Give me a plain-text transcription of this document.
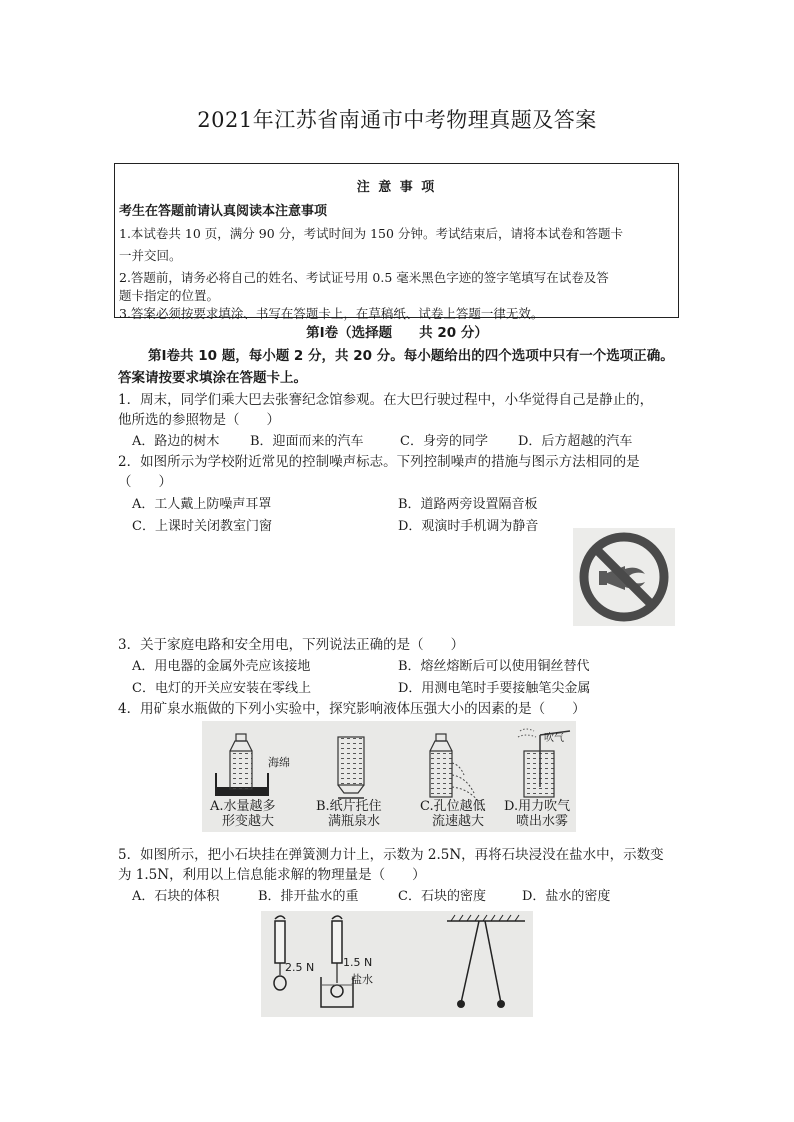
2021年江苏省南通市中考物理真题及答案
注 意 事 项
考生在答题前请认真阅读本注意事项
1.本试卷共 10 页，满分 90 分，考试时间为 150 分钟。考试结束后，请将本试卷和答题卡
一并交回。
2.答题前，请务必将自己的姓名、考试证号用 0.5 毫米黑色字迹的签字笔填写在试卷及答
题卡指定的位置。
3.答案必须按要求填涂、书写在答题卡上，在草稿纸、试卷上答题一律无效。
第Ⅰ卷（选择题　　共 20 分）
第Ⅰ卷共 10 题，每小题 2 分，共 20 分。每小题给出的四个选项中只有一个选项正确。
答案请按要求填涂在答题卡上。
1．周末，同学们乘大巴去张謇纪念馆参观。在大巴行驶过程中，小华觉得自己是静止的，
他所选的参照物是（　　）
A．路边的树木 B．迎面而来的汽车	C．身旁的同学 D．后方超越的汽车
2．如图所示为学校附近常见的控制噪声标志。下列控制噪声的措施与图示方法相同的是
（　　）
A．工人戴上防噪声耳罩	B．道路两旁设置隔音板
C．上课时关闭教室门窗	D．观演时手机调为静音
3．关于家庭电路和安全用电，下列说法正确的是（　　）
A．用电器的金属外壳应该接地	B．熔丝熔断后可以使用铜丝替代
C．电灯的开关应安装在零线上	D．用测电笔时手要接触笔尖金属
4．用矿泉水瓶做的下列小实验中，探究影响液体压强大小的因素的是（　　）
海绵
吹气
A.水量越多
形变越大
B.纸片托住
满瓶泉水
C.孔位越低
流速越大
D.用力吹气
喷出水雾
5．如图所示，把小石块挂在弹簧测力计上，示数为 2.5N，再将石块浸没在盐水中，示数变
为 1.5N，利用以上信息能求解的物理量是（　　）
A．石块的体积	B．排开盐水的重	C．石块的密度	D．盐水的密度
2.5 N	1.5 N
盐水
